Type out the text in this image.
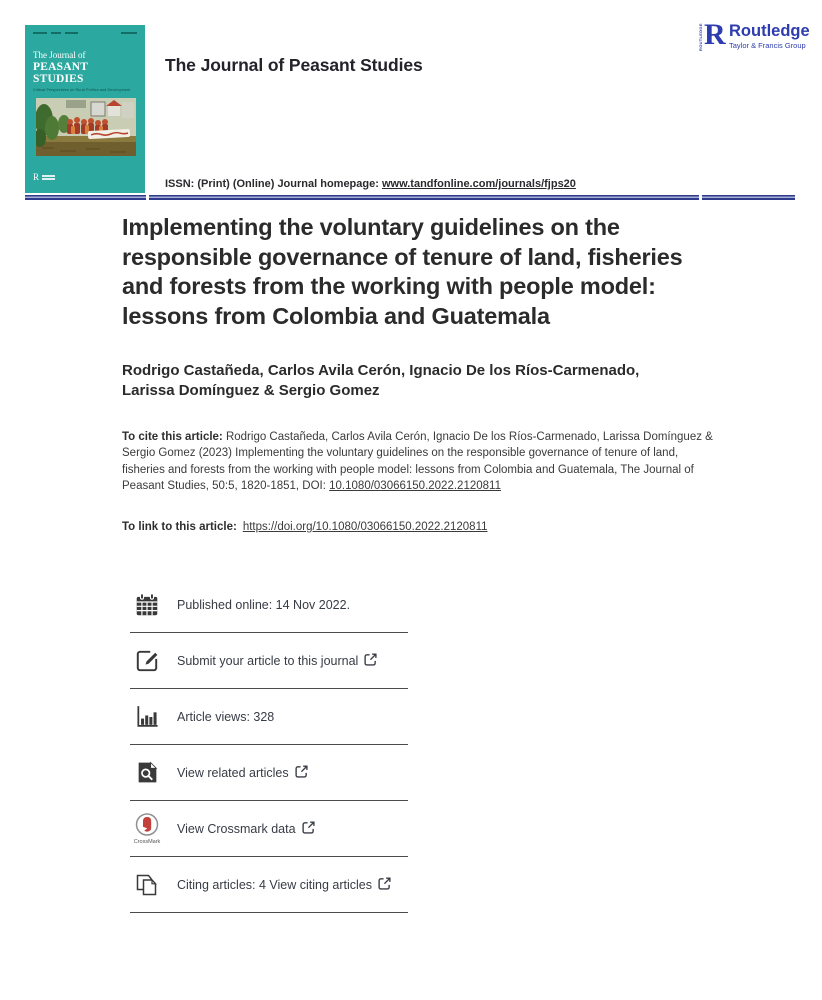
The Journal of
PEASANT STUDIES
Critical Perspectives on Rural Politics and Development
R
The Journal of Peasant Studies
ISSN: (Print) (Online) Journal homepage: www.tandfonline.com/journals/fjps20
ROUTLEDGE R Routledge
Taylor & Francis Group
Implementing the voluntary guidelines on the
responsible governance of tenure of land, fisheries
and forests from the working with people model:
lessons from Colombia and Guatemala
Rodrigo Castañeda, Carlos Avila Cerón, Ignacio De los Ríos-Carmenado,
Larissa Domínguez & Sergio Gomez
To cite this article: Rodrigo Castañeda, Carlos Avila Cerón, Ignacio De los Ríos-Carmenado, Larissa Domínguez & Sergio Gomez (2023) Implementing the voluntary guidelines on the responsible governance of tenure of land, fisheries and forests from the working with people model: lessons from Colombia and Guatemala, The Journal of Peasant Studies, 50:5, 1820-1851, DOI: 10.1080/03066150.2022.2120811
To link to this article: https://doi.org/10.1080/03066150.2022.2120811
Published online: 14 Nov 2022.
Submit your article to this journal
Article views: 328
View related articles
CrossMark
View Crossmark data
Citing articles: 4 View citing articles
